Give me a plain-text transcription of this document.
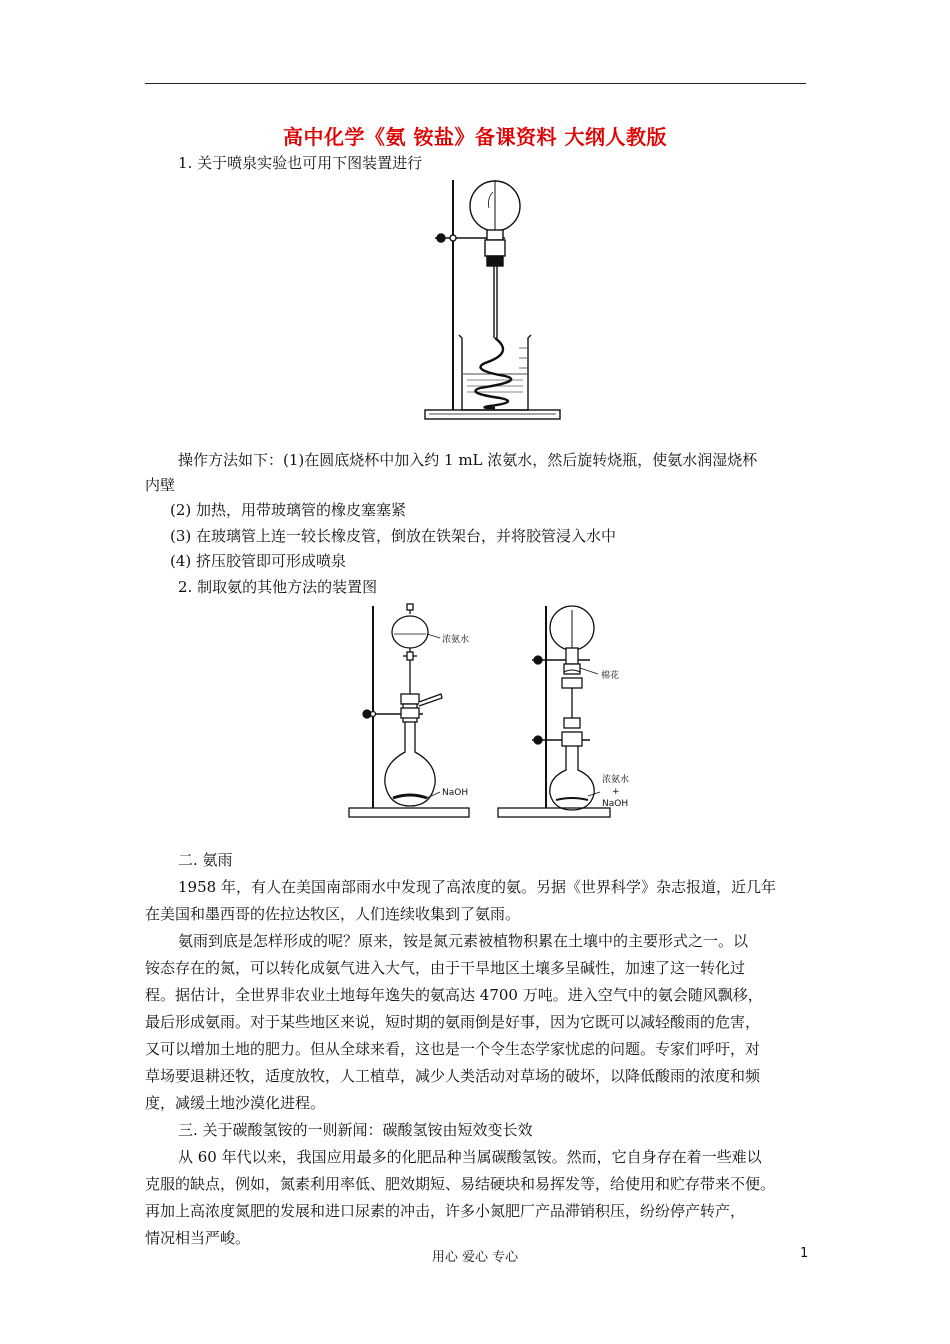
高中化学《氨 铵盐》备课资料 大纲人教版
1. 关于喷泉实验也可用下图装置进行
操作方法如下：(1)在圆底烧杯中加入约 1 mL 浓氨水，然后旋转烧瓶，使氨水润湿烧杯
内壁
(2) 加热，用带玻璃管的橡皮塞塞紧
(3) 在玻璃管上连一较长橡皮管，倒放在铁架台，并将胶管浸入水中
(4) 挤压胶管即可形成喷泉
2. 制取氨的其他方法的装置图
浓氨水
NaOH
棉花
浓氨水
+
NaOH
二. 氨雨
1958 年，有人在美国南部雨水中发现了高浓度的氨。另据《世界科学》杂志报道，近几年
在美国和墨西哥的佐拉达牧区，人们连续收集到了氨雨。
氨雨到底是怎样形成的呢？原来，铵是氮元素被植物积累在土壤中的主要形式之一。以
铵态存在的氮，可以转化成氨气进入大气，由于干旱地区土壤多呈碱性，加速了这一转化过
程。据估计，全世界非农业土地每年逸失的氨高达 4700 万吨。进入空气中的氨会随风飘移，
最后形成氨雨。对于某些地区来说，短时期的氨雨倒是好事，因为它既可以减轻酸雨的危害，
又可以增加土地的肥力。但从全球来看，这也是一个令生态学家忧虑的问题。专家们呼吁，对
草场要退耕还牧，适度放牧，人工植草，减少人类活动对草场的破坏，以降低酸雨的浓度和频
度，减缓土地沙漠化进程。
三. 关于碳酸氢铵的一则新闻：碳酸氢铵由短效变长效
从 60 年代以来，我国应用最多的化肥品种当属碳酸氢铵。然而，它自身存在着一些难以
克服的缺点，例如，氮素利用率低、肥效期短、易结硬块和易挥发等，给使用和贮存带来不便。
再加上高浓度氮肥的发展和进口尿素的冲击，许多小氮肥厂产品滞销积压，纷纷停产转产，
情况相当严峻。
用心 爱心 专心	1
